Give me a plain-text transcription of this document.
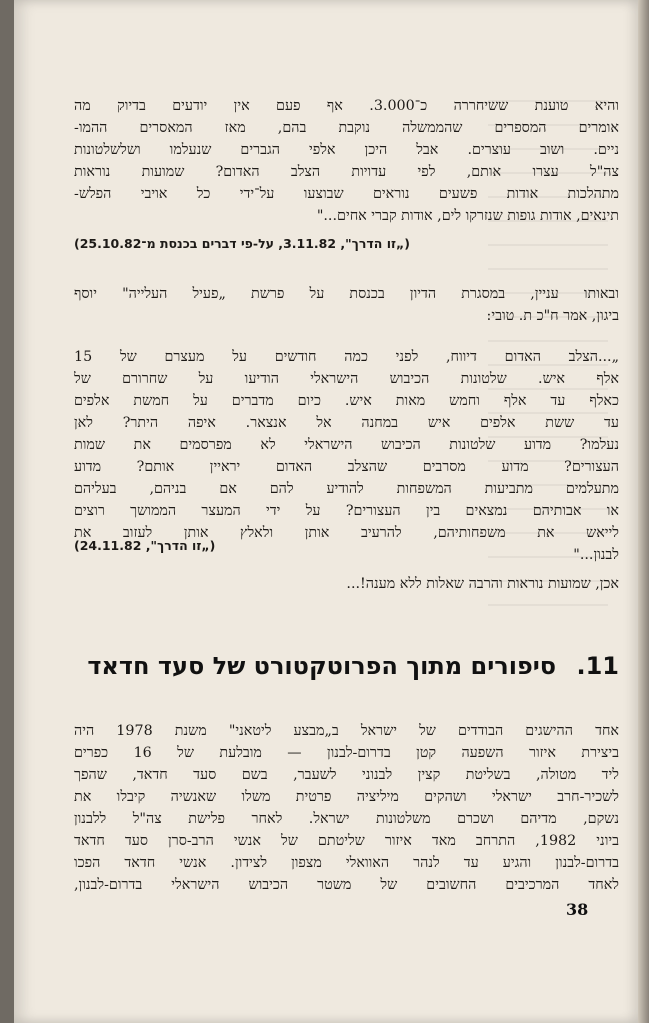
והיא טוענת ששיחררה כ־3.000. אף פעם אין יודעים בדיוק מה
אומרים המספרים שהממשלה נוקבת בהם, מאז המאסרים ההמו-
ניים. ושוב עוצרים. אבל היכן אלפי הגברים שנעלמו ושלשלטונות
צה"ל עצרו אותם, לפי עדויות הצלב האדום? שמועות נוראות
מתהלכות אודות פשעים נוראים שבוצעו על־ידי כל אויבי הפלש-
תינאים, אודות גופות שנזרקו לים, אודות קברי אחים..."
(„זו הדרך", 3.11.82, על-פי דברים בכנסת מ־25.10.82)
ובאותו עניין, במסגרת הדיון בכנסת על פרשת „פעיל העלייה" יוסף
ביגון, אמר ח"כ ת. טובי:
„...הצלב האדום דיווח, לפני כמה חודשים על מעצרם של 15
אלף איש. שלטונות הכיבוש הישראלי הודיעו על שחרורם של
כאלף עד אלף וחמש מאות איש. כיום מדברים על חמשת אלפים
עד ששת אלפים איש במחנה אל אנצאר. איפה היתר? לאן
נעלמו? מדוע שלטונות הכיבוש הישראלי לא מפרסמים את שמות
העצורים? מדוע מסרבים שהצלב האדום יראיין אותם? מדוע
מתעלמים מתביעות המשפחות להודיע להם אם בניהם, בעליהם
או אבותיהם נמצאים בין העצורים? על ידי המעצר הממושך רוצים
לייאש את משפחותיהם, להרעיב אותן ולאלץ אותן לעזוב את
לבנון..."
(„זו הדרך", 24.11.82)
אכן, שמועות נוראות והרבה שאלות ללא מענה!...
11. סיפורים מתוך הפרוטקטורט של סעד חדאד
אחד ההישגים הבודדים של ישראל ב„מבצע ליטאני" משנת 1978 היה
ביצירת איזור השפעה קטן בדרום-לבנון — מובלעת של 16 כפרים
ליד מטולה, בשליטת קצין לבנוני לשעבר, בשם סעד חדאד, שהפך
לשכיר-חרב ישראלי ושהקים מיליציה פרטית משלו שאנשיה קיבלו את
נשקם, מדיהם ושכרם משלטונות ישראל. לאחר פלישת צה"ל ללבנון
ביוני 1982, התרחב מאד איזור שליטתם של אנשי הרב-סרן סעד חדאד
בדרום-לבנון והגיע עד לנהר האוואלי מצפון לצידון. אנשי חדאד הפכו
לאחד המרכיבים החשובים של משטר הכיבוש הישראלי בדרום-לבנון,
38
